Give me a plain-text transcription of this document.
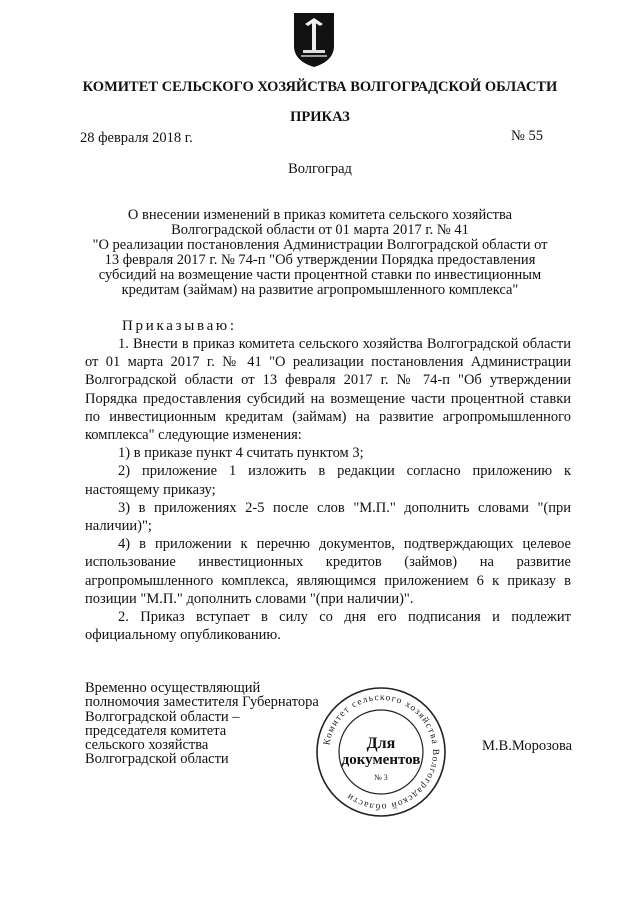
КОМИТЕТ СЕЛЬСКОГО ХОЗЯЙСТВА ВОЛГОГРАДСКОЙ ОБЛАСТИ
ПРИКАЗ
28 февраля 2018 г.	№ 55
Волгоград
О внесении изменений в приказ комитета сельского хозяйства
Волгоградской области от 01 марта 2017 г. № 41
"О реализации постановления Администрации Волгоградской области от
13 февраля 2017 г. № 74-п "Об утверждении Порядка предоставления
субсидий на возмещение части процентной ставки по инвестиционным
кредитам (займам) на развитие агропромышленного комплекса"
Приказываю:

1. Внести в приказ комитета сельского хозяйства Волгоградской области от 01 марта 2017 г. № 41 "О реализации постановления Администрации Волгоградской области от 13 февраля 2017 г. № 74-п "Об утверждении Порядка предоставления субсидий на возмещение части процентной ставки по инвестиционным кредитам (займам) на развитие агропромышленного комплекса" следующие изменения:

1) в приказе пункт 4 считать пунктом 3;

2) приложение 1 изложить в редакции согласно приложению к настоящему приказу;

3) в приложениях 2-5 после слов "М.П." дополнить словами "(при наличии)";

4) в приложении к перечню документов, подтверждающих целевое использование инвестиционных кредитов (займов) на развитие агропромышленного комплекса, являющимся приложением 6 к приказу в позиции "М.П." дополнить словами "(при наличии)".

2. Приказ вступает в силу со дня его подписания и подлежит официальному опубликованию.

Временно осуществляющий
полномочия заместителя Губернатора
Волгоградской области –
председателя комитета
сельского хозяйства
Волгоградской области
М.В.Морозова
Комитет сельского хозяйства Волгоградской области
Для
документов
№ 3
